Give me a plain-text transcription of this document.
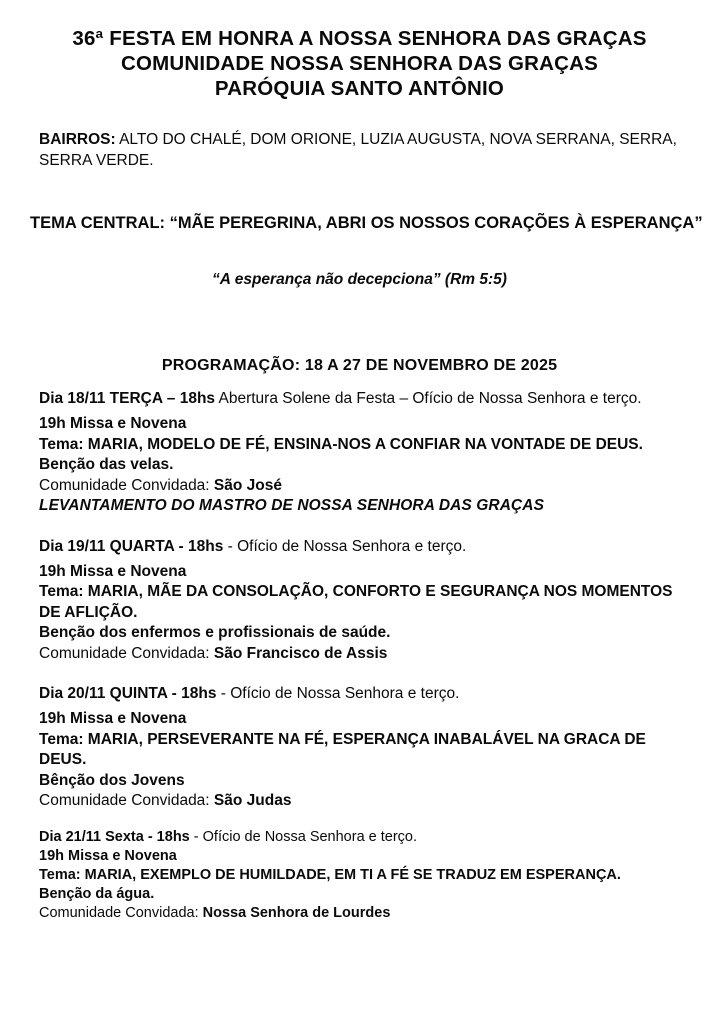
36ª FESTA EM HONRA A NOSSA SENHORA DAS GRAÇAS
COMUNIDADE NOSSA SENHORA DAS GRAÇAS
PARÓQUIA SANTO ANTÔNIO
BAIRROS: ALTO DO CHALÉ, DOM ORIONE, LUZIA AUGUSTA, NOVA SERRANA, SERRA, SERRA VERDE.
TEMA CENTRAL: “MÃE PEREGRINA, ABRI OS NOSSOS CORAÇÕES À ESPERANÇA”
“A esperança não decepciona” (Rm 5:5)
PROGRAMAÇÃO: 18 A 27 DE NOVEMBRO DE 2025
Dia 18/11 TERÇA – 18hs Abertura Solene da Festa – Ofício de Nossa Senhora e terço.
19h Missa e Novena
Tema: MARIA, MODELO DE FÉ, ENSINA-NOS A CONFIAR NA VONTADE DE DEUS.
Benção das velas.
Comunidade Convidada: São José
LEVANTAMENTO DO MASTRO DE NOSSA SENHORA DAS GRAÇAS
Dia 19/11 QUARTA - 18hs - Ofício de Nossa Senhora e terço.
19h Missa e Novena
Tema: MARIA, MÃE DA CONSOLAÇÃO, CONFORTO E SEGURANÇA NOS MOMENTOS DE AFLIÇÃO.
Benção dos enfermos e profissionais de saúde.
Comunidade Convidada: São Francisco de Assis
Dia 20/11 QUINTA - 18hs - Ofício de Nossa Senhora e terço.
19h Missa e Novena
Tema: MARIA, PERSEVERANTE NA FÉ, ESPERANÇA INABALÁVEL NA GRACA DE DEUS.
Bênção dos Jovens
Comunidade Convidada: São Judas
Dia 21/11 Sexta - 18hs - Ofício de Nossa Senhora e terço.
19h Missa e Novena
Tema: MARIA, EXEMPLO DE HUMILDADE, EM TI A FÉ SE TRADUZ EM ESPERANÇA.
Benção da água.
Comunidade Convidada: Nossa Senhora de Lourdes
